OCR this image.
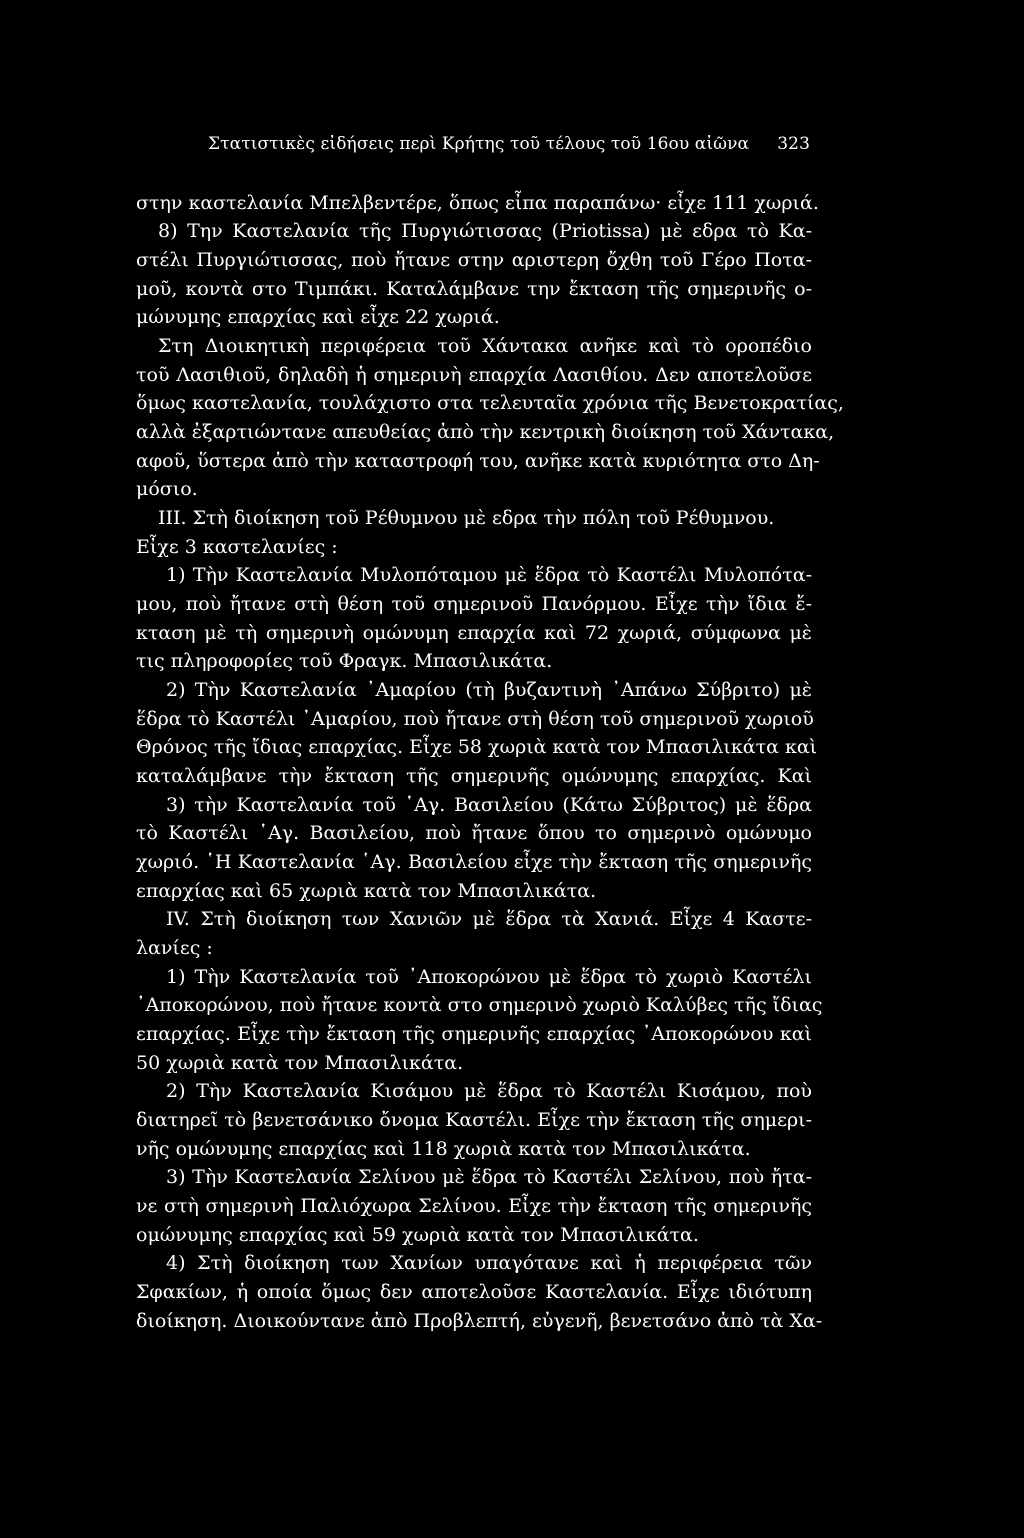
Στατιστικὲς εἰδήσεις περὶ Κρήτης τοῦ τέλους τοῦ 16ου αἰῶνα 323
στην καστελανία Μπελβεντέρε, ὅπως εἶπα παραπάνω· εἶχε 111 χωριά.
8) Την Καστελανία τῆς Πυργιώτισσας (Priotissa) μὲ εδρα τὸ Κα-
στέλι Πυργιώτισσας, ποὺ ἤτανε στην αριστερη ὄχθη τοῦ Γέρο Ποτα-
μοῦ, κοντὰ στο Τιμπάκι. Καταλάμβανε την ἔκταση τῆς σημερινῆς ο-
μώνυμης επαρχίας καὶ εἶχε 22 χωριά.
Στη Διοικητικὴ περιφέρεια τοῦ Χάντακα ανῆκε καὶ τὸ οροπέδιο
τοῦ Λασιθιοῦ, δηλαδὴ ἡ σημερινὴ επαρχία Λασιθίου. Δεν αποτελοῦσε
ὅμως καστελανία, τουλάχιστο στα τελευταῖα χρόνια τῆς Βενετοκρατίας,
αλλὰ ἐξαρτιώντανε απευθείας ἀπὸ τὴν κεντρικὴ διοίκηση τοῦ Χάντακα,
αφοῦ, ὕστερα ἀπὸ τὴν καταστροφή του, ανῆκε κατὰ κυριότητα στο Δη-
μόσιο.
ΙΙΙ. Στὴ διοίκηση τοῦ Ρέθυμνου μὲ εδρα τὴν πόλη τοῦ Ρέθυμνου.
Εἶχε 3 καστελανίες :
1) Τὴν Καστελανία Μυλοπόταμου μὲ ἕδρα τὸ Καστέλι Μυλοπότα-
μου, ποὺ ἤτανε στὴ θέση τοῦ σημερινοῦ Πανόρμου. Εἶχε τὴν ἴδια ἔ-
κταση μὲ τὴ σημερινὴ ομώνυμη επαρχία καὶ 72 χωριά, σύμφωνα μὲ
τις πληροφορίες τοῦ Φραγκ. Μπασιλικάτα.
2) Τὴν Καστελανία ᾿Αμαρίου (τὴ βυζαντινὴ ᾿Απάνω Σύβριτο) μὲ
ἕδρα τὸ Καστέλι ᾿Αμαρίου, ποὺ ἤτανε στὴ θέση τοῦ σημερινοῦ χωριοῦ
Θρόνος τῆς ἴδιας επαρχίας. Εἶχε 58 χωριὰ κατὰ τον Μπασιλικάτα καὶ
καταλάμβανε τὴν ἔκταση τῆς σημερινῆς ομώνυμης επαρχίας. Καὶ
3) τὴν Καστελανία τοῦ ῾Αγ. Βασιλείου (Κάτω Σύβριτος) μὲ ἕδρα
τὸ Καστέλι ῾Αγ. Βασιλείου, ποὺ ἤτανε ὅπου το σημερινὸ ομώνυμο
χωριό. ῾Η Καστελανία ῾Αγ. Βασιλείου εἶχε τὴν ἔκταση τῆς σημερινῆς
επαρχίας καὶ 65 χωριὰ κατὰ τον Μπασιλικάτα.
IV. Στὴ διοίκηση των Χανιῶν μὲ ἕδρα τὰ Χανιά. Εἶχε 4 Καστε-
λανίες :
1) Τὴν Καστελανία τοῦ ᾿Αποκορώνου μὲ ἕδρα τὸ χωριὸ Καστέλι
᾿Αποκορώνου, ποὺ ἤτανε κοντὰ στο σημερινὸ χωριὸ Καλύβες τῆς ἴδιας
επαρχίας. Εἶχε τὴν ἔκταση τῆς σημερινῆς επαρχίας ᾿Αποκορώνου καὶ
50 χωριὰ κατὰ τον Μπασιλικάτα.
2) Τὴν Καστελανία Κισάμου μὲ ἕδρα τὸ Καστέλι Κισάμου, ποὺ
διατηρεῖ τὸ βενετσάνικο ὄνομα Καστέλι. Εἶχε τὴν ἔκταση τῆς σημερι-
νῆς ομώνυμης επαρχίας καὶ 118 χωριὰ κατὰ τον Μπασιλικάτα.
3) Τὴν Καστελανία Σελίνου μὲ ἕδρα τὸ Καστέλι Σελίνου, ποὺ ἤτα-
νε στὴ σημερινὴ Παλιόχωρα Σελίνου. Εἶχε τὴν ἔκταση τῆς σημερινῆς
ομώνυμης επαρχίας καὶ 59 χωριὰ κατὰ τον Μπασιλικάτα.
4) Στὴ διοίκηση των Χανίων υπαγότανε καὶ ἡ περιφέρεια τῶν
Σφακίων, ἡ οποία ὅμως δεν αποτελοῦσε Καστελανία. Εἶχε ιδιότυπη
διοίκηση. Διοικούντανε ἀπὸ Προβλεπτή, εὐγενῆ, βενετσάνο ἀπὸ τὰ Χα-
